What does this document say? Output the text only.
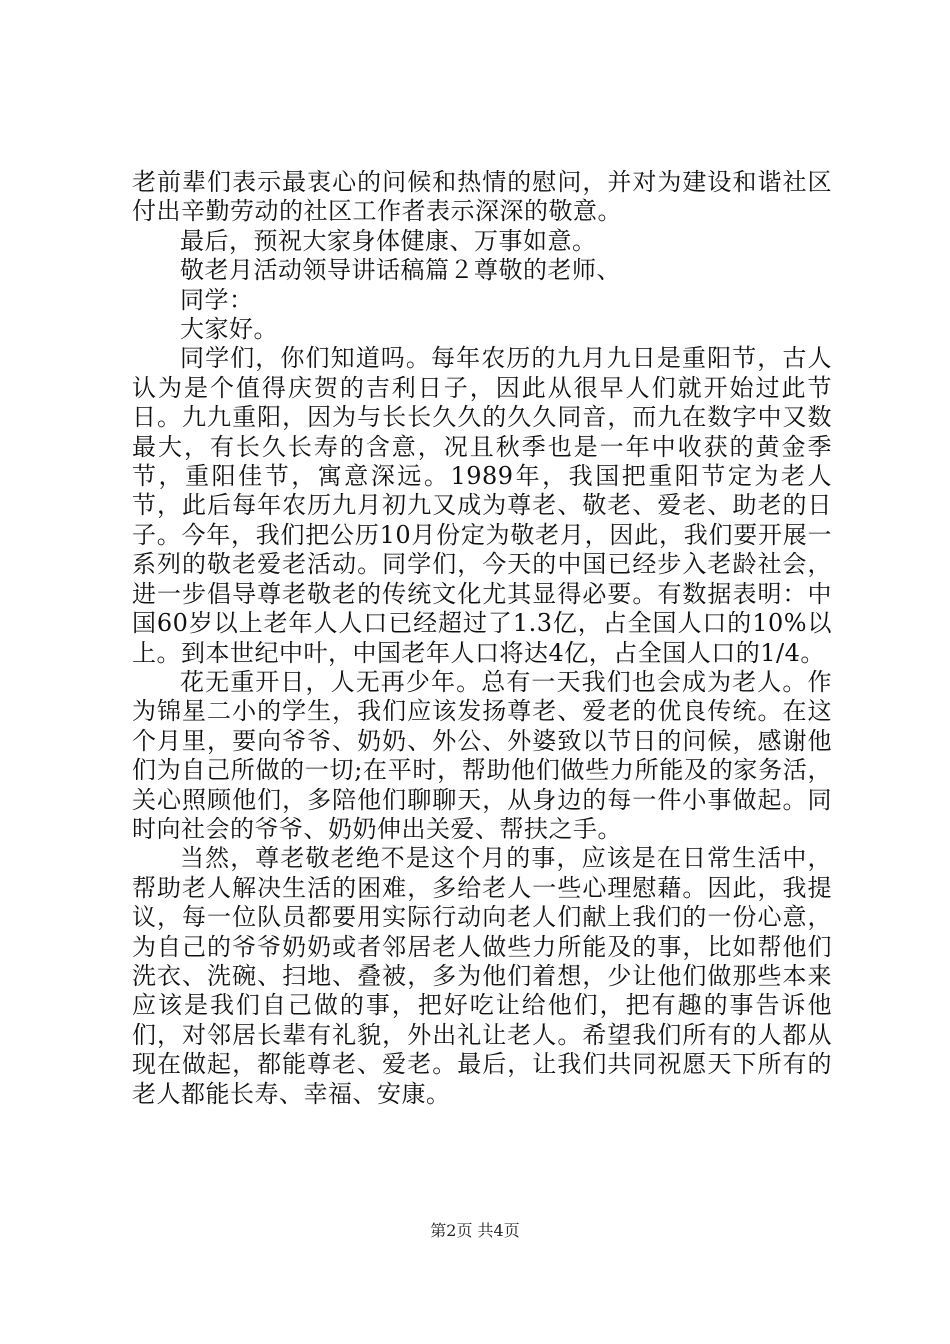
老前辈们表示最衷心的问候和热情的慰问，并对为建设和谐社区付出辛勤劳动的社区工作者表示深深的敬意。

最后，预祝大家身体健康、万事如意。

敬老月活动领导讲话稿篇２尊敬的老师、

同学：

大家好。

同学们，你们知道吗。每年农历的九月九日是重阳节，古人认为是个值得庆贺的吉利日子，因此从很早人们就开始过此节日。九九重阳，因为与长长久久的久久同音，而九在数字中又数最大，有长久长寿的含意，况且秋季也是一年中收获的黄金季节，重阳佳节，寓意深远。1989年，我国把重阳节定为老人节，此后每年农历九月初九又成为尊老、敬老、爱老、助老的日子。今年，我们把公历10月份定为敬老月，因此，我们要开展一系列的敬老爱老活动。同学们，今天的中国已经步入老龄社会，进一步倡导尊老敬老的传统文化尤其显得必要。有数据表明：中国60岁以上老年人人口已经超过了1.3亿，占全国人口的10%以上。到本世纪中叶，中国老年人口将达4亿，占全国人口的1/4。

花无重开日，人无再少年。总有一天我们也会成为老人。作为锦星二小的学生，我们应该发扬尊老、爱老的优良传统。在这个月里，要向爷爷、奶奶、外公、外婆致以节日的问候，感谢他们为自己所做的一切;在平时，帮助他们做些力所能及的家务活，关心照顾他们，多陪他们聊聊天，从身边的每一件小事做起。同时向社会的爷爷、奶奶伸出关爱、帮扶之手。

当然，尊老敬老绝不是这个月的事，应该是在日常生活中，帮助老人解决生活的困难，多给老人一些心理慰藉。因此，我提议，每一位队员都要用实际行动向老人们献上我们的一份心意，为自己的爷爷奶奶或者邻居老人做些力所能及的事，比如帮他们洗衣、洗碗、扫地、叠被，多为他们着想，少让他们做那些本来应该是我们自己做的事，把好吃让给他们，把有趣的事告诉他们，对邻居长辈有礼貌，外出礼让老人。希望我们所有的人都从现在做起，都能尊老、爱老。最后，让我们共同祝愿天下所有的老人都能长寿、幸福、安康。

第2页 共4页
